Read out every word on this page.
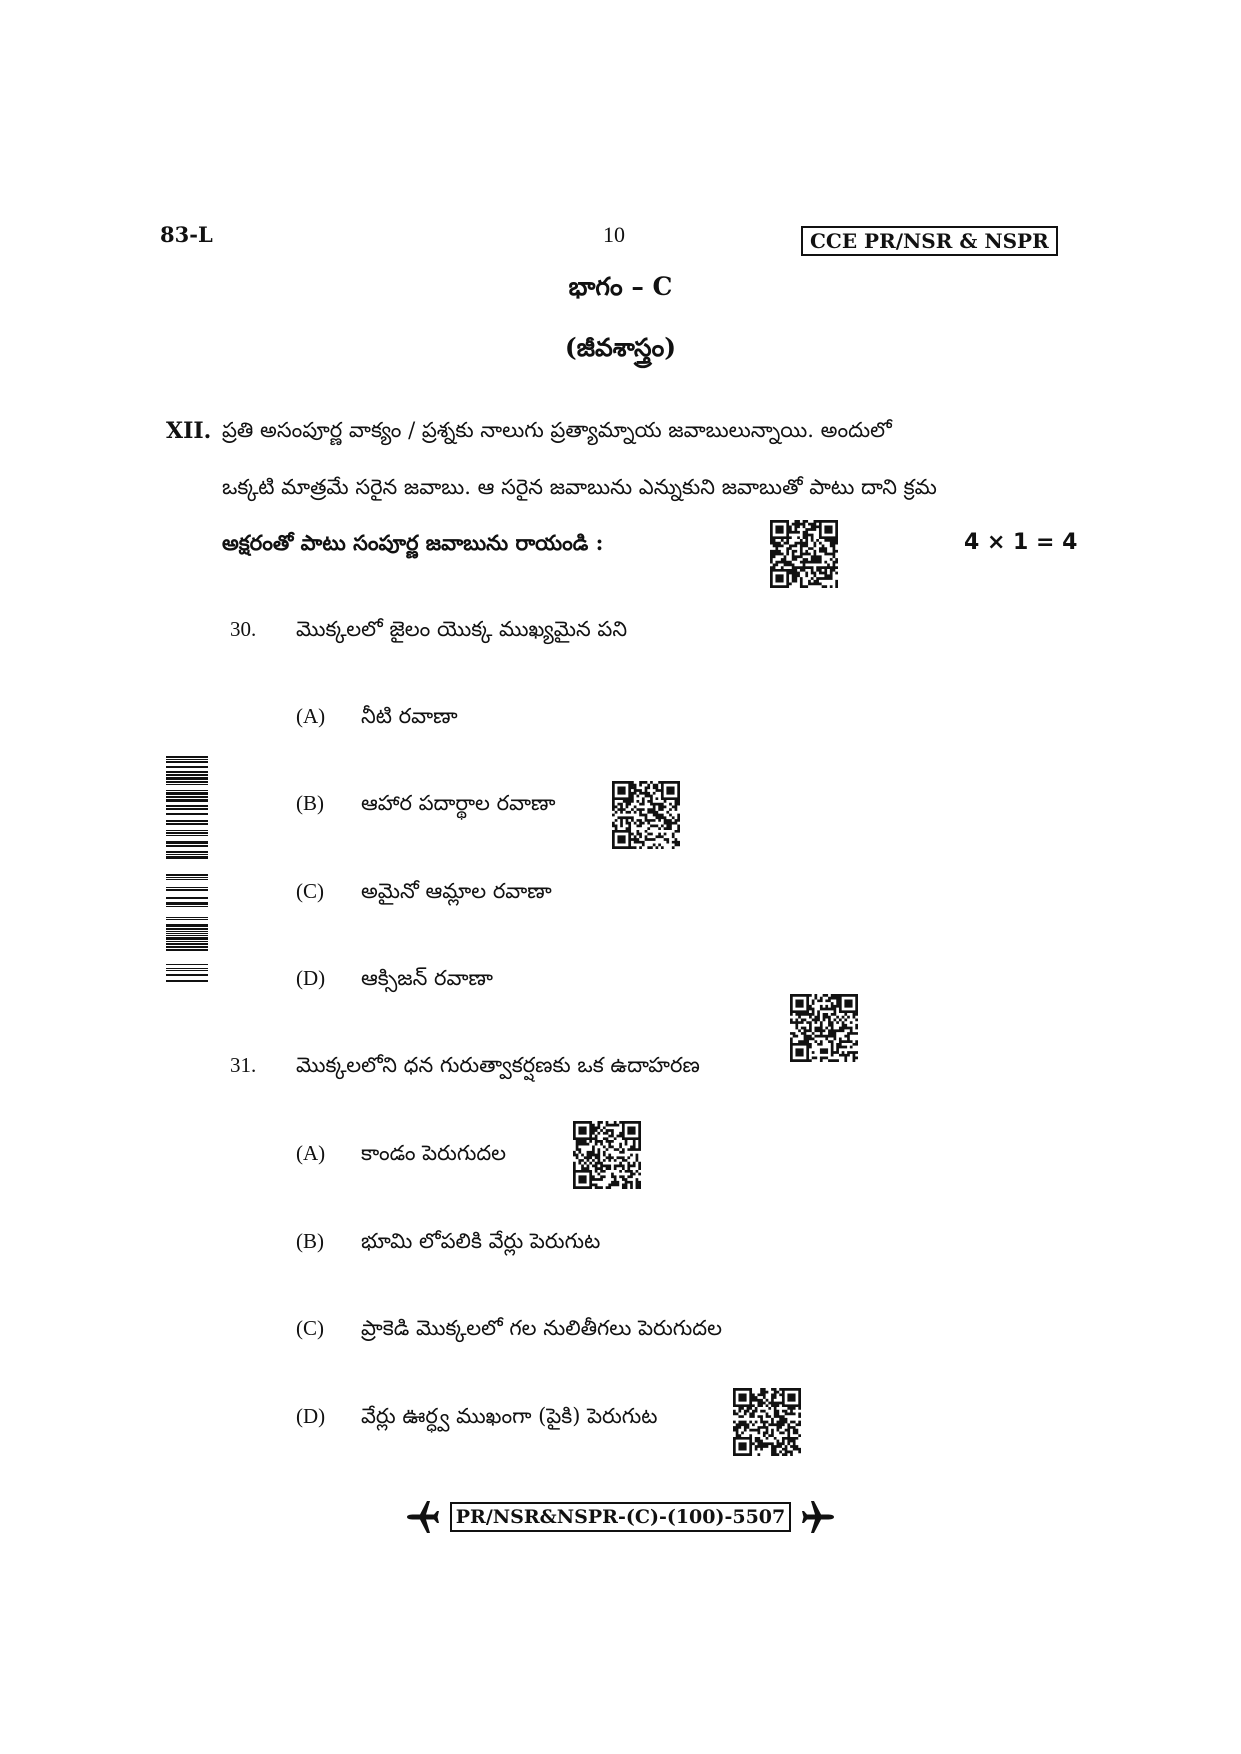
83-L	10	CCE PR/NSR & NSPR
భాగం – C
(జీవశాస్త్రం)
XII. ప్రతి అసంపూర్ణ వాక్యం / ప్రశ్నకు నాలుగు ప్రత్యామ్నాయ జవాబులున్నాయి. అందులో
ఒక్కటి మాత్రమే సరైన జవాబు. ఆ సరైన జవాబును ఎన్నుకుని జవాబుతో పాటు దాని క్రమ
అక్షరంతో పాటు సంపూర్ణ జవాబును రాయండి :	4 × 1 = 4
30. మొక్కలలో జైలం యొక్క ముఖ్యమైన పని
(A) నీటి రవాణా
(B) ఆహార పదార్థాల రవాణా
(C) అమైనో ఆమ్లాల రవాణా
(D) ఆక్సిజన్ రవాణా
31. మొక్కలలోని ధన గురుత్వాకర్షణకు ఒక ఉదాహరణ
(A) కాండం పెరుగుదల
(B) భూమి లోపలికి వేర్లు పెరుగుట
(C) ప్రాకెడి మొక్కలలో గల నులితీగలు పెరుగుదల
(D) వేర్లు ఊర్ధ్వ ముఖంగా (పైకి) పెరుగుట
PR/NSR&NSPR-(C)-(100)-5507
